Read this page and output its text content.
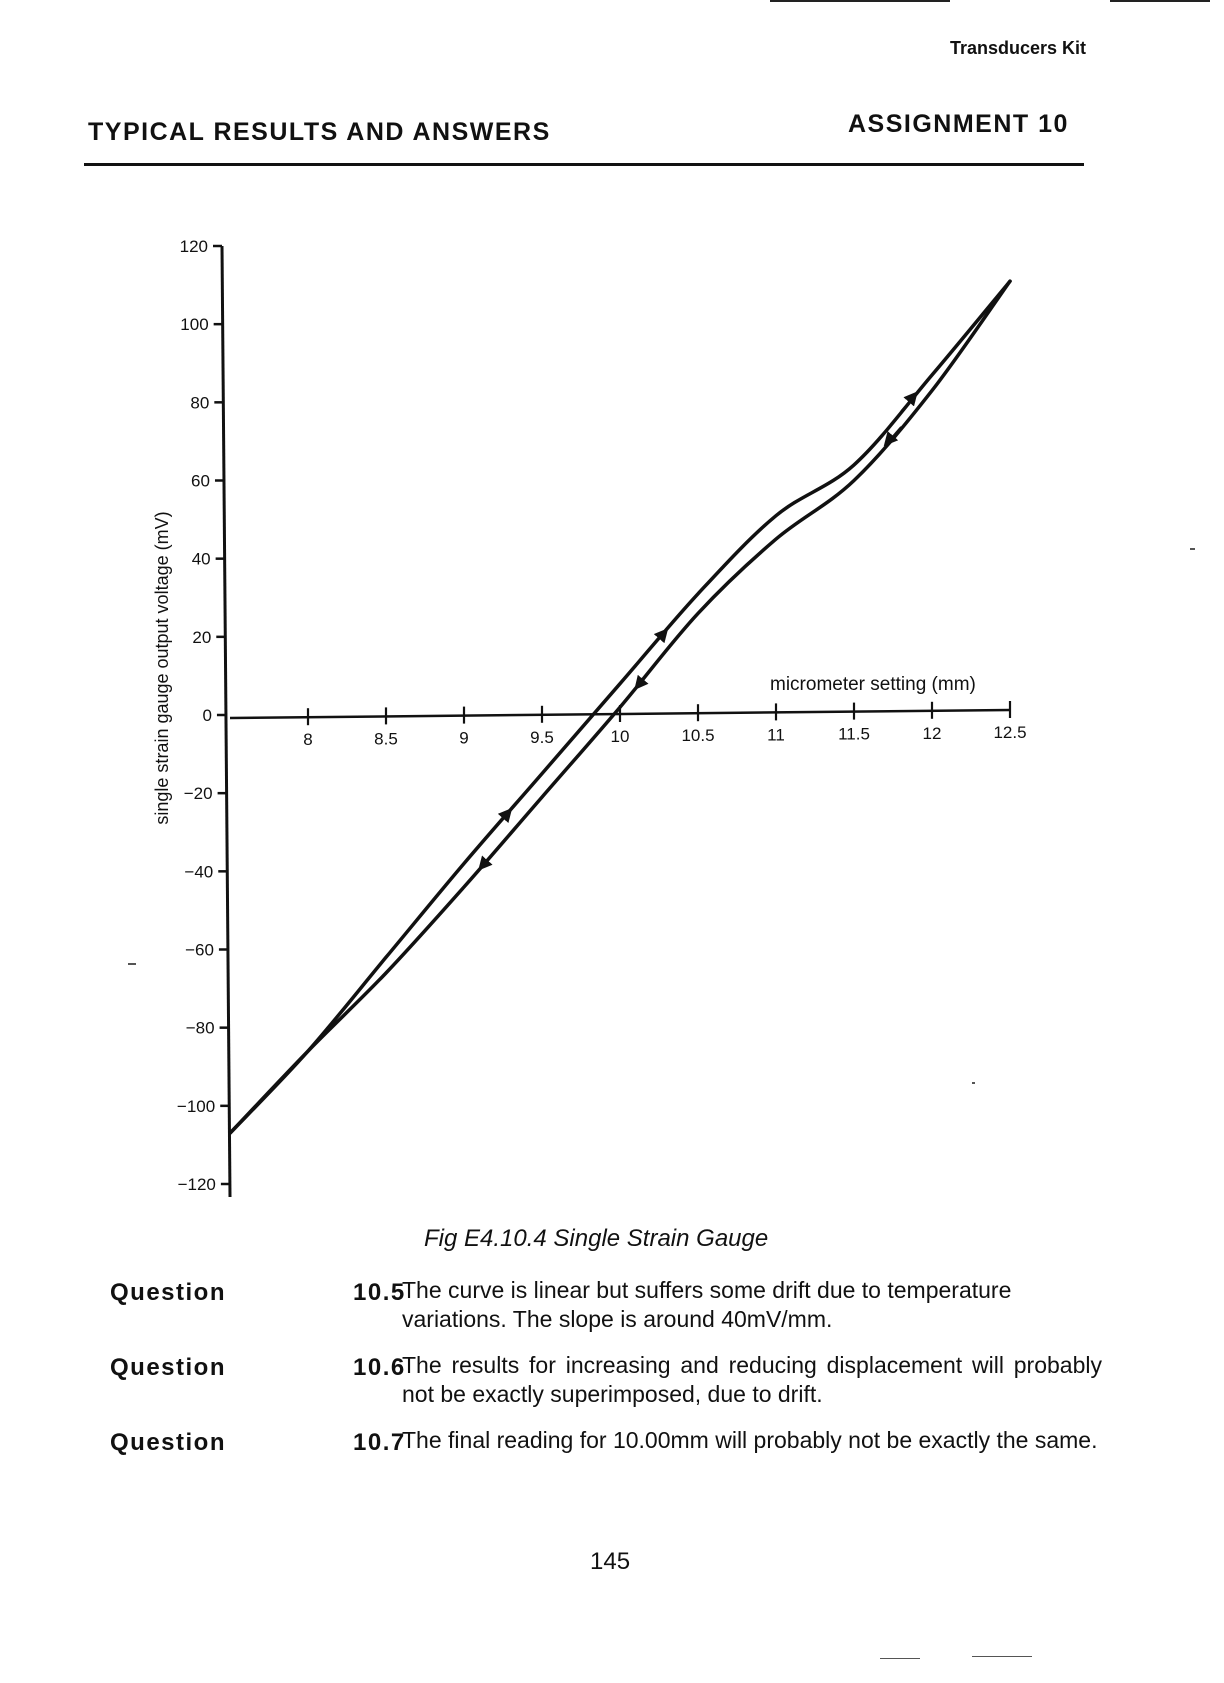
Transducers Kit
TYPICAL RESULTS AND ANSWERS	ASSIGNMENT 10
120
100
80
60
40
20
0
−20
−40
−60
−80
−100
−120
8	8.5	9	9.5	10	10.5	11	11.5	12	12.5
single strain gauge output voltage (mV)	micrometer setting (mm)
Fig E4.10.4 Single Strain Gauge
Question	10.5
The curve is linear but suffers some drift due to temperature variations. The slope is around 40mV/mm.
Question	10.6
The results for increasing and reducing displacement will probably not be exactly superimposed, due to drift.
Question	10.7
The final reading for 10.00mm will probably not be exactly the same.
145
